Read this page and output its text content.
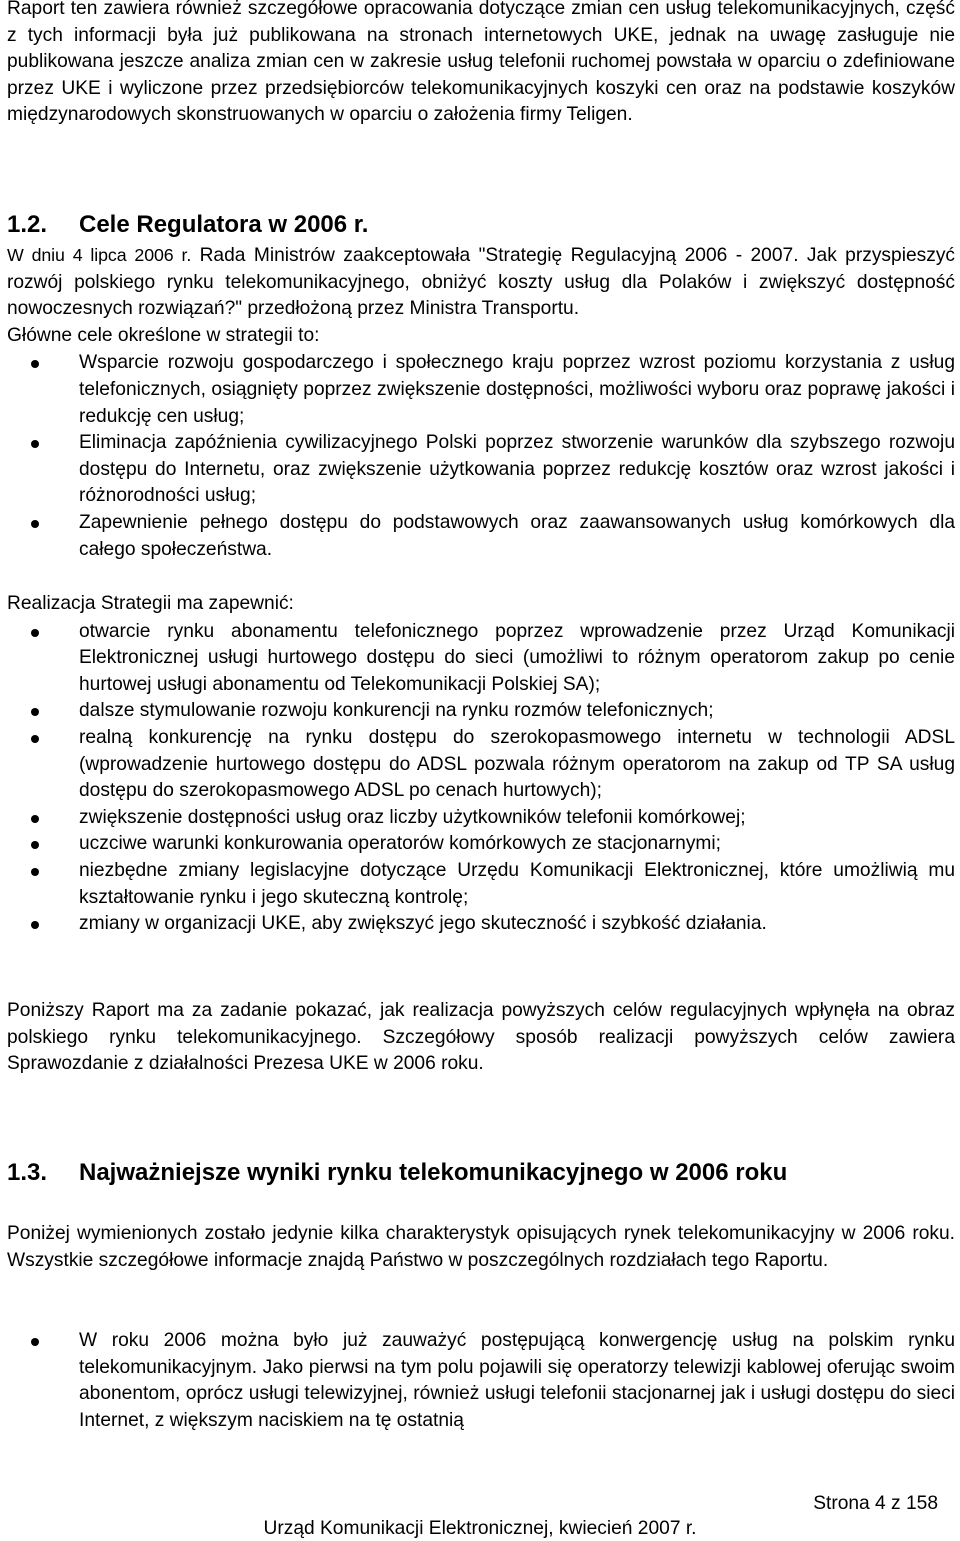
Raport ten zawiera również szczegółowe opracowania dotyczące zmian cen usług telekomunikacyjnych, część z tych informacji była już publikowana na stronach internetowych UKE, jednak na uwagę zasługuje nie publikowana jeszcze analiza zmian cen w zakresie usług telefonii ruchomej powstała w oparciu o zdefiniowane przez UKE i wyliczone przez przedsiębiorców telekomunikacyjnych koszyki cen oraz na podstawie koszyków międzynarodowych skonstruowanych w oparciu o założenia firmy Teligen.

1.2. Cele Regulatora w 2006 r.

W dniu 4 lipca 2006 r. Rada Ministrów zaakceptowała "Strategię Regulacyjną 2006 - 2007. Jak przyspieszyć rozwój polskiego rynku telekomunikacyjnego, obniżyć koszty usług dla Polaków i zwiększyć dostępność nowoczesnych rozwiązań?" przedłożoną przez Ministra Transportu.

Główne cele określone w strategii to:

Wsparcie rozwoju gospodarczego i społecznego kraju poprzez wzrost poziomu korzystania z usług telefonicznych, osiągnięty poprzez zwiększenie dostępności, możliwości wyboru oraz poprawę jakości i redukcję cen usług;
Eliminacja zapóźnienia cywilizacyjnego Polski poprzez stworzenie warunków dla szybszego rozwoju dostępu do Internetu, oraz zwiększenie użytkowania poprzez redukcję kosztów oraz wzrost jakości i różnorodności usług;
Zapewnienie pełnego dostępu do podstawowych oraz zaawansowanych usług komórkowych dla całego społeczeństwa.

Realizacja Strategii ma zapewnić:

otwarcie rynku abonamentu telefonicznego poprzez wprowadzenie przez Urząd Komunikacji Elektronicznej usługi hurtowego dostępu do sieci (umożliwi to różnym operatorom zakup po cenie hurtowej usługi abonamentu od Telekomunikacji Polskiej SA);
dalsze stymulowanie rozwoju konkurencji na rynku rozmów telefonicznych;
realną konkurencję na rynku dostępu do szerokopasmowego internetu w technologii ADSL (wprowadzenie hurtowego dostępu do ADSL pozwala różnym operatorom na zakup od TP SA usług dostępu do szerokopasmowego ADSL po cenach hurtowych);
zwiększenie dostępności usług oraz liczby użytkowników telefonii komórkowej;
uczciwe warunki konkurowania operatorów komórkowych ze stacjonarnymi;
niezbędne zmiany legislacyjne dotyczące Urzędu Komunikacji Elektronicznej, które umożliwią mu kształtowanie rynku i jego skuteczną kontrolę;
zmiany w organizacji UKE, aby zwiększyć jego skuteczność i szybkość działania.

Poniższy Raport ma za zadanie pokazać, jak realizacja powyższych celów regulacyjnych wpłynęła na obraz polskiego rynku telekomunikacyjnego. Szczegółowy sposób realizacji powyższych celów zawiera Sprawozdanie z działalności Prezesa UKE w 2006 roku.

1.3. Najważniejsze wyniki rynku telekomunikacyjnego w 2006 roku

Poniżej wymienionych zostało jedynie kilka charakterystyk opisujących rynek telekomunikacyjny w 2006 roku. Wszystkie szczegółowe informacje znajdą Państwo w poszczególnych rozdziałach tego Raportu.

W roku 2006 można było już zauważyć postępującą konwergencję usług na polskim rynku telekomunikacyjnym. Jako pierwsi na tym polu pojawili się operatorzy telewizji kablowej oferując swoim abonentom, oprócz usługi telewizyjnej, również usługi telefonii stacjonarnej jak i usługi dostępu do sieci Internet, z większym naciskiem na tę ostatnią
Strona 4 z 158
Urząd Komunikacji Elektronicznej, kwiecień 2007 r.
